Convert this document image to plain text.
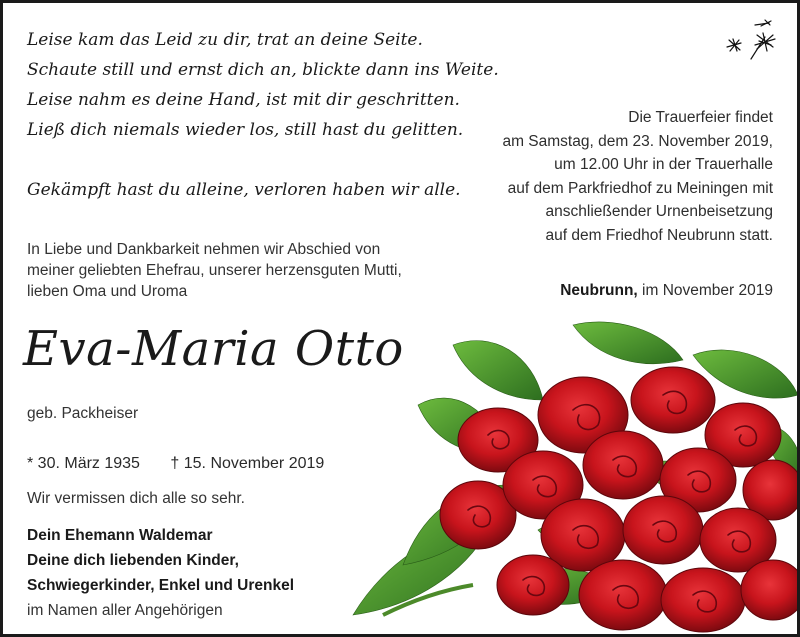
Leise kam das Leid zu dir, trat an deine Seite.
Schaute still und ernst dich an, blickte dann ins Weite.
Leise nahm es deine Hand, ist mit dir geschritten.
Ließ dich niemals wieder los, still hast du gelitten.
Gekämpft hast du alleine, verloren haben wir alle.
Die Trauerfeier findet
am Samstag, dem 23. November 2019,
um 12.00 Uhr in der Trauerhalle
auf dem Parkfriedhof zu Meiningen mit
anschließender Urnenbeisetzung
auf dem Friedhof Neubrunn statt.
In Liebe und Dankbarkeit nehmen wir Abschied von
meiner geliebten Ehefrau, unserer herzensguten Mutti,
lieben Oma und Uroma	Neubrunn, im November 2019
Eva-Maria Otto
geb. Packheiser
* 30. März 1935 † 15. November 2019
Wir vermissen dich alle so sehr.
Dein Ehemann Waldemar
Deine dich liebenden Kinder,
Schwiegerkinder, Enkel und Urenkel
im Namen aller Angehörigen
